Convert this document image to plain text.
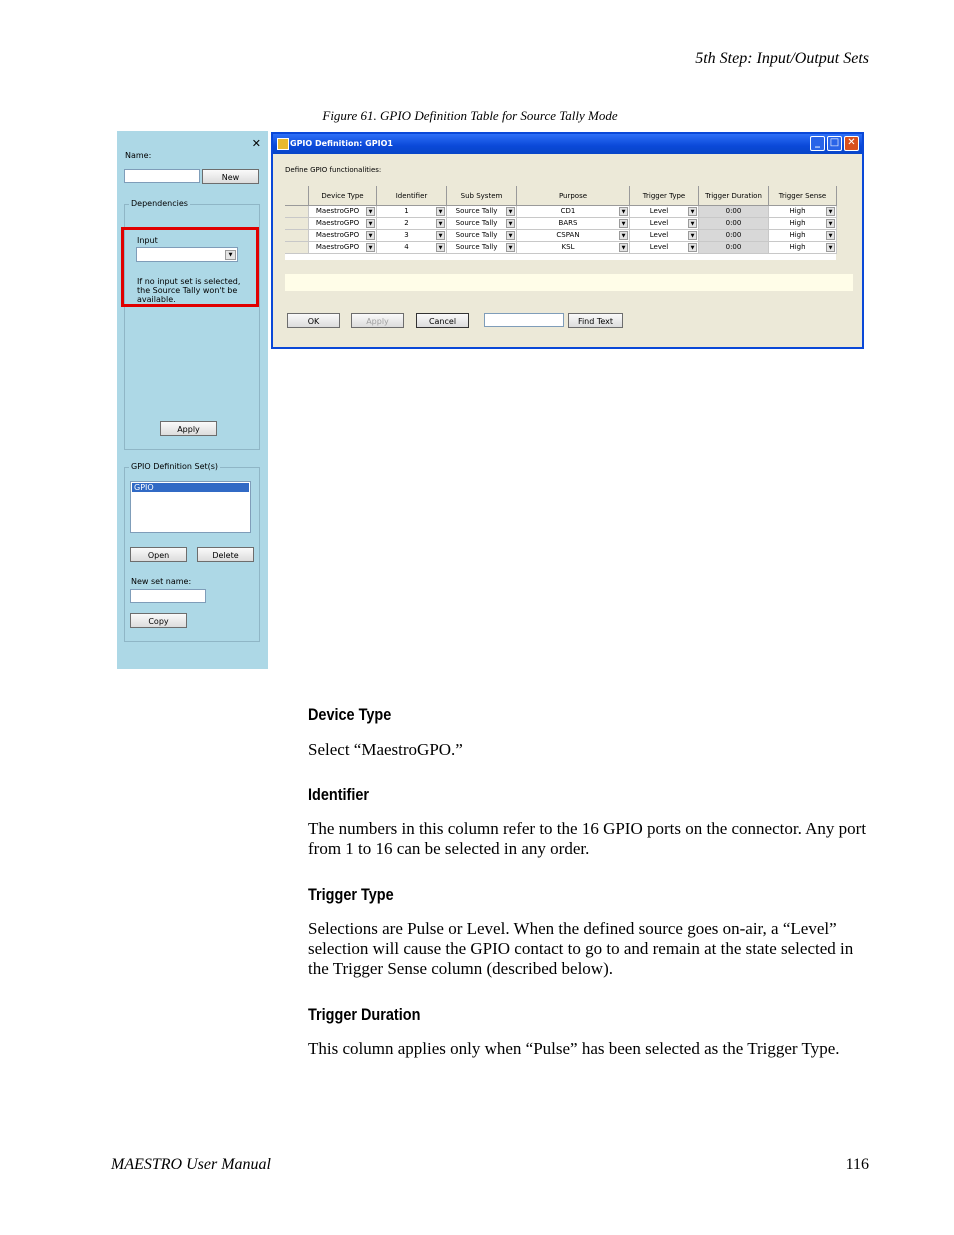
5th Step: Input/Output Sets
Figure 61. GPIO Definition Table for Source Tally Mode
✕
Name:
New
Dependencies
Input
▼
If no input set is selected, the Source Tally won't be available.
Apply
GPIO Definition Set(s)
GPIO
Open	Delete
New set name:
Copy
GPIO Definition: GPIO1	_ □ ✕
Define GPIO functionalities:
Device Type	Identifier	Sub System	Purpose	Trigger Type	Trigger Duration	Trigger Sense
MaestroGPO	▼	1	▼	Source Tally	▼	CD1	▼	Level	▼	0:00	High	▼
MaestroGPO	▼	2	▼	Source Tally	▼	BARS	▼	Level	▼	0:00	High	▼
MaestroGPO	▼	3	▼	Source Tally	▼	CSPAN	▼	Level	▼	0:00	High	▼
MaestroGPO	▼	4	▼	Source Tally	▼	KSL	▼	Level	▼	0:00	High	▼
OK	Apply	Cancel	Find Text
Device Type
Select “MaestroGPO.”
Identifier
The numbers in this column refer to the 16 GPIO ports on the connector. Any port from 1 to 16 can be selected in any order.
Trigger Type
Selections are Pulse or Level. When the defined source goes on-air, a “Level” selection will cause the GPIO contact to go to and remain at the state selected in the Trigger Sense column (described below).
Trigger Duration
This column applies only when “Pulse” has been selected as the Trigger Type.
MAESTRO User Manual	116
